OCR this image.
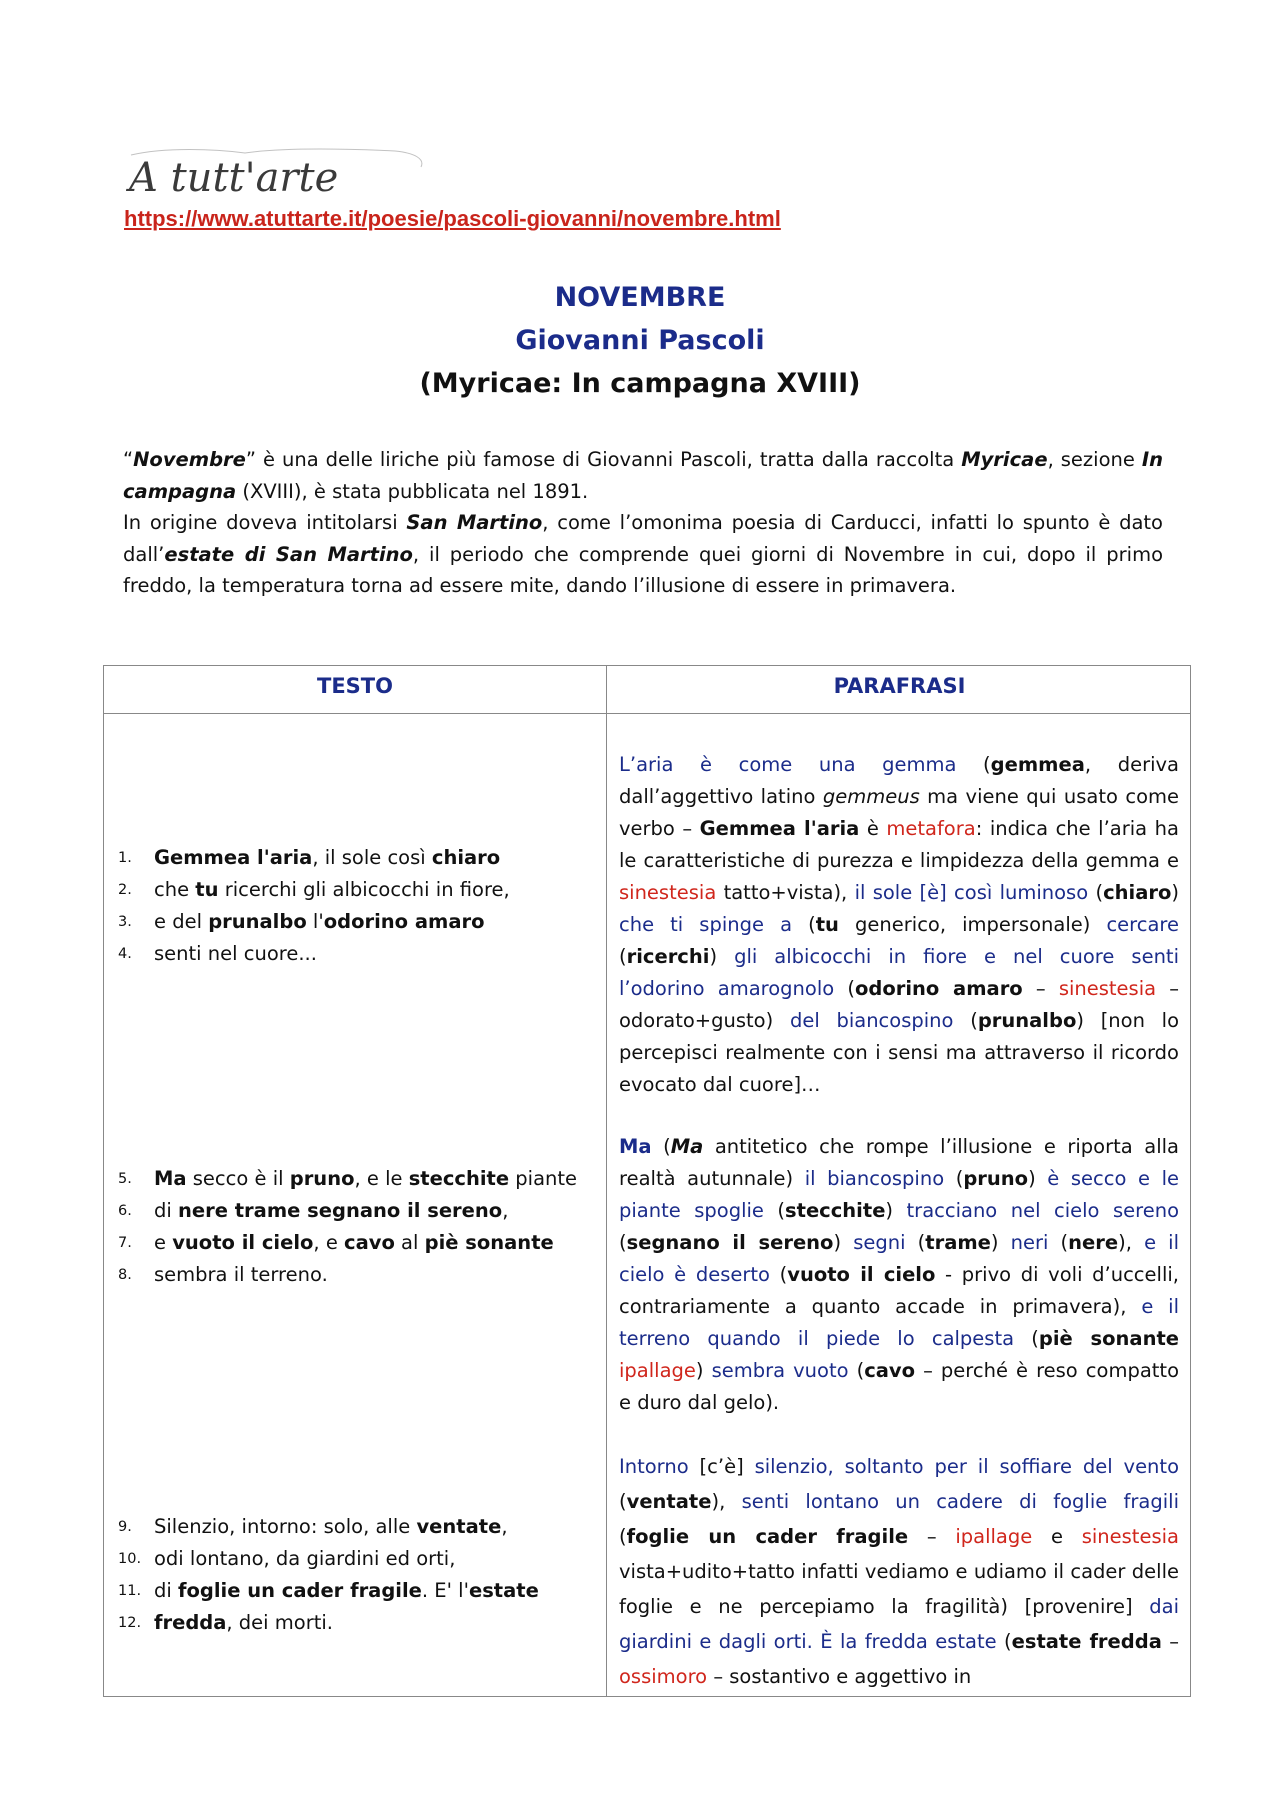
A tutt'arte
https://www.atuttarte.it/poesie/pascoli-giovanni/novembre.html
NOVEMBRE
Giovanni Pascoli
(Myricae: In campagna XVIII)

“Novembre” è una delle liriche più famose di Giovanni Pascoli, tratta dalla raccolta Myricae, sezione In campagna (XVIII), è stata pubblicata nel 1891.

In origine doveva intitolarsi San Martino, come l’omonima poesia di Carducci, infatti lo spunto è dato dall’estate di San Martino, il periodo che comprende quei giorni di Novembre in cui, dopo il primo freddo, la temperatura torna ad essere mite, dando l’illusione di essere in primavera.

TESTO	PARAFRASI
1. Gemmea l'aria, il sole così chiaro
2. che tu ricerchi gli albicocchi in fiore,
3. e del prunalbo l'odorino amaro
4. senti nel cuore...
5. Ma secco è il pruno, e le stecchite piante
6. di nere trame segnano il sereno,
7. e vuoto il cielo, e cavo al piè sonante
8. sembra il terreno.
9. Silenzio, intorno: solo, alle ventate,
10. odi lontano, da giardini ed orti,
11. di foglie un cader fragile. E' l'estate
12. fredda, dei morti.

L’aria è come una gemma (gemmea, deriva dall’aggettivo latino gemmeus ma viene qui usato come verbo – Gemmea l'aria è metafora: indica che l’aria ha le caratteristiche di purezza e limpidezza della gemma e sinestesia tatto+vista), il sole [è] così luminoso (chiaro) che ti spinge a (tu generico, impersonale) cercare (ricerchi) gli albicocchi in fiore e nel cuore senti l’odorino amarognolo (odorino amaro – sinestesia – odorato+gusto) del biancospino (prunalbo) [non lo percepisci realmente con i sensi ma attraverso il ricordo evocato dal cuore]…

Ma (Ma antitetico che rompe l’illusione e riporta alla realtà autunnale) il biancospino (pruno) è secco e le piante spoglie (stecchite) tracciano nel cielo sereno (segnano il sereno) segni (trame) neri (nere), e il cielo è deserto (vuoto il cielo - privo di voli d’uccelli, contrariamente a quanto accade in primavera), e il terreno quando il piede lo calpesta (piè sonante ipallage) sembra vuoto (cavo – perché è reso compatto e duro dal gelo).

Intorno [c’è] silenzio, soltanto per il soffiare del vento (ventate), senti lontano un cadere di foglie fragili (foglie un cader fragile – ipallage e sinestesia vista+udito+tatto infatti vediamo e udiamo il cader delle foglie e ne percepiamo la fragilità) [provenire] dai giardini e dagli orti. È la fredda estate (estate fredda – ossimoro – sostantivo e aggettivo in
